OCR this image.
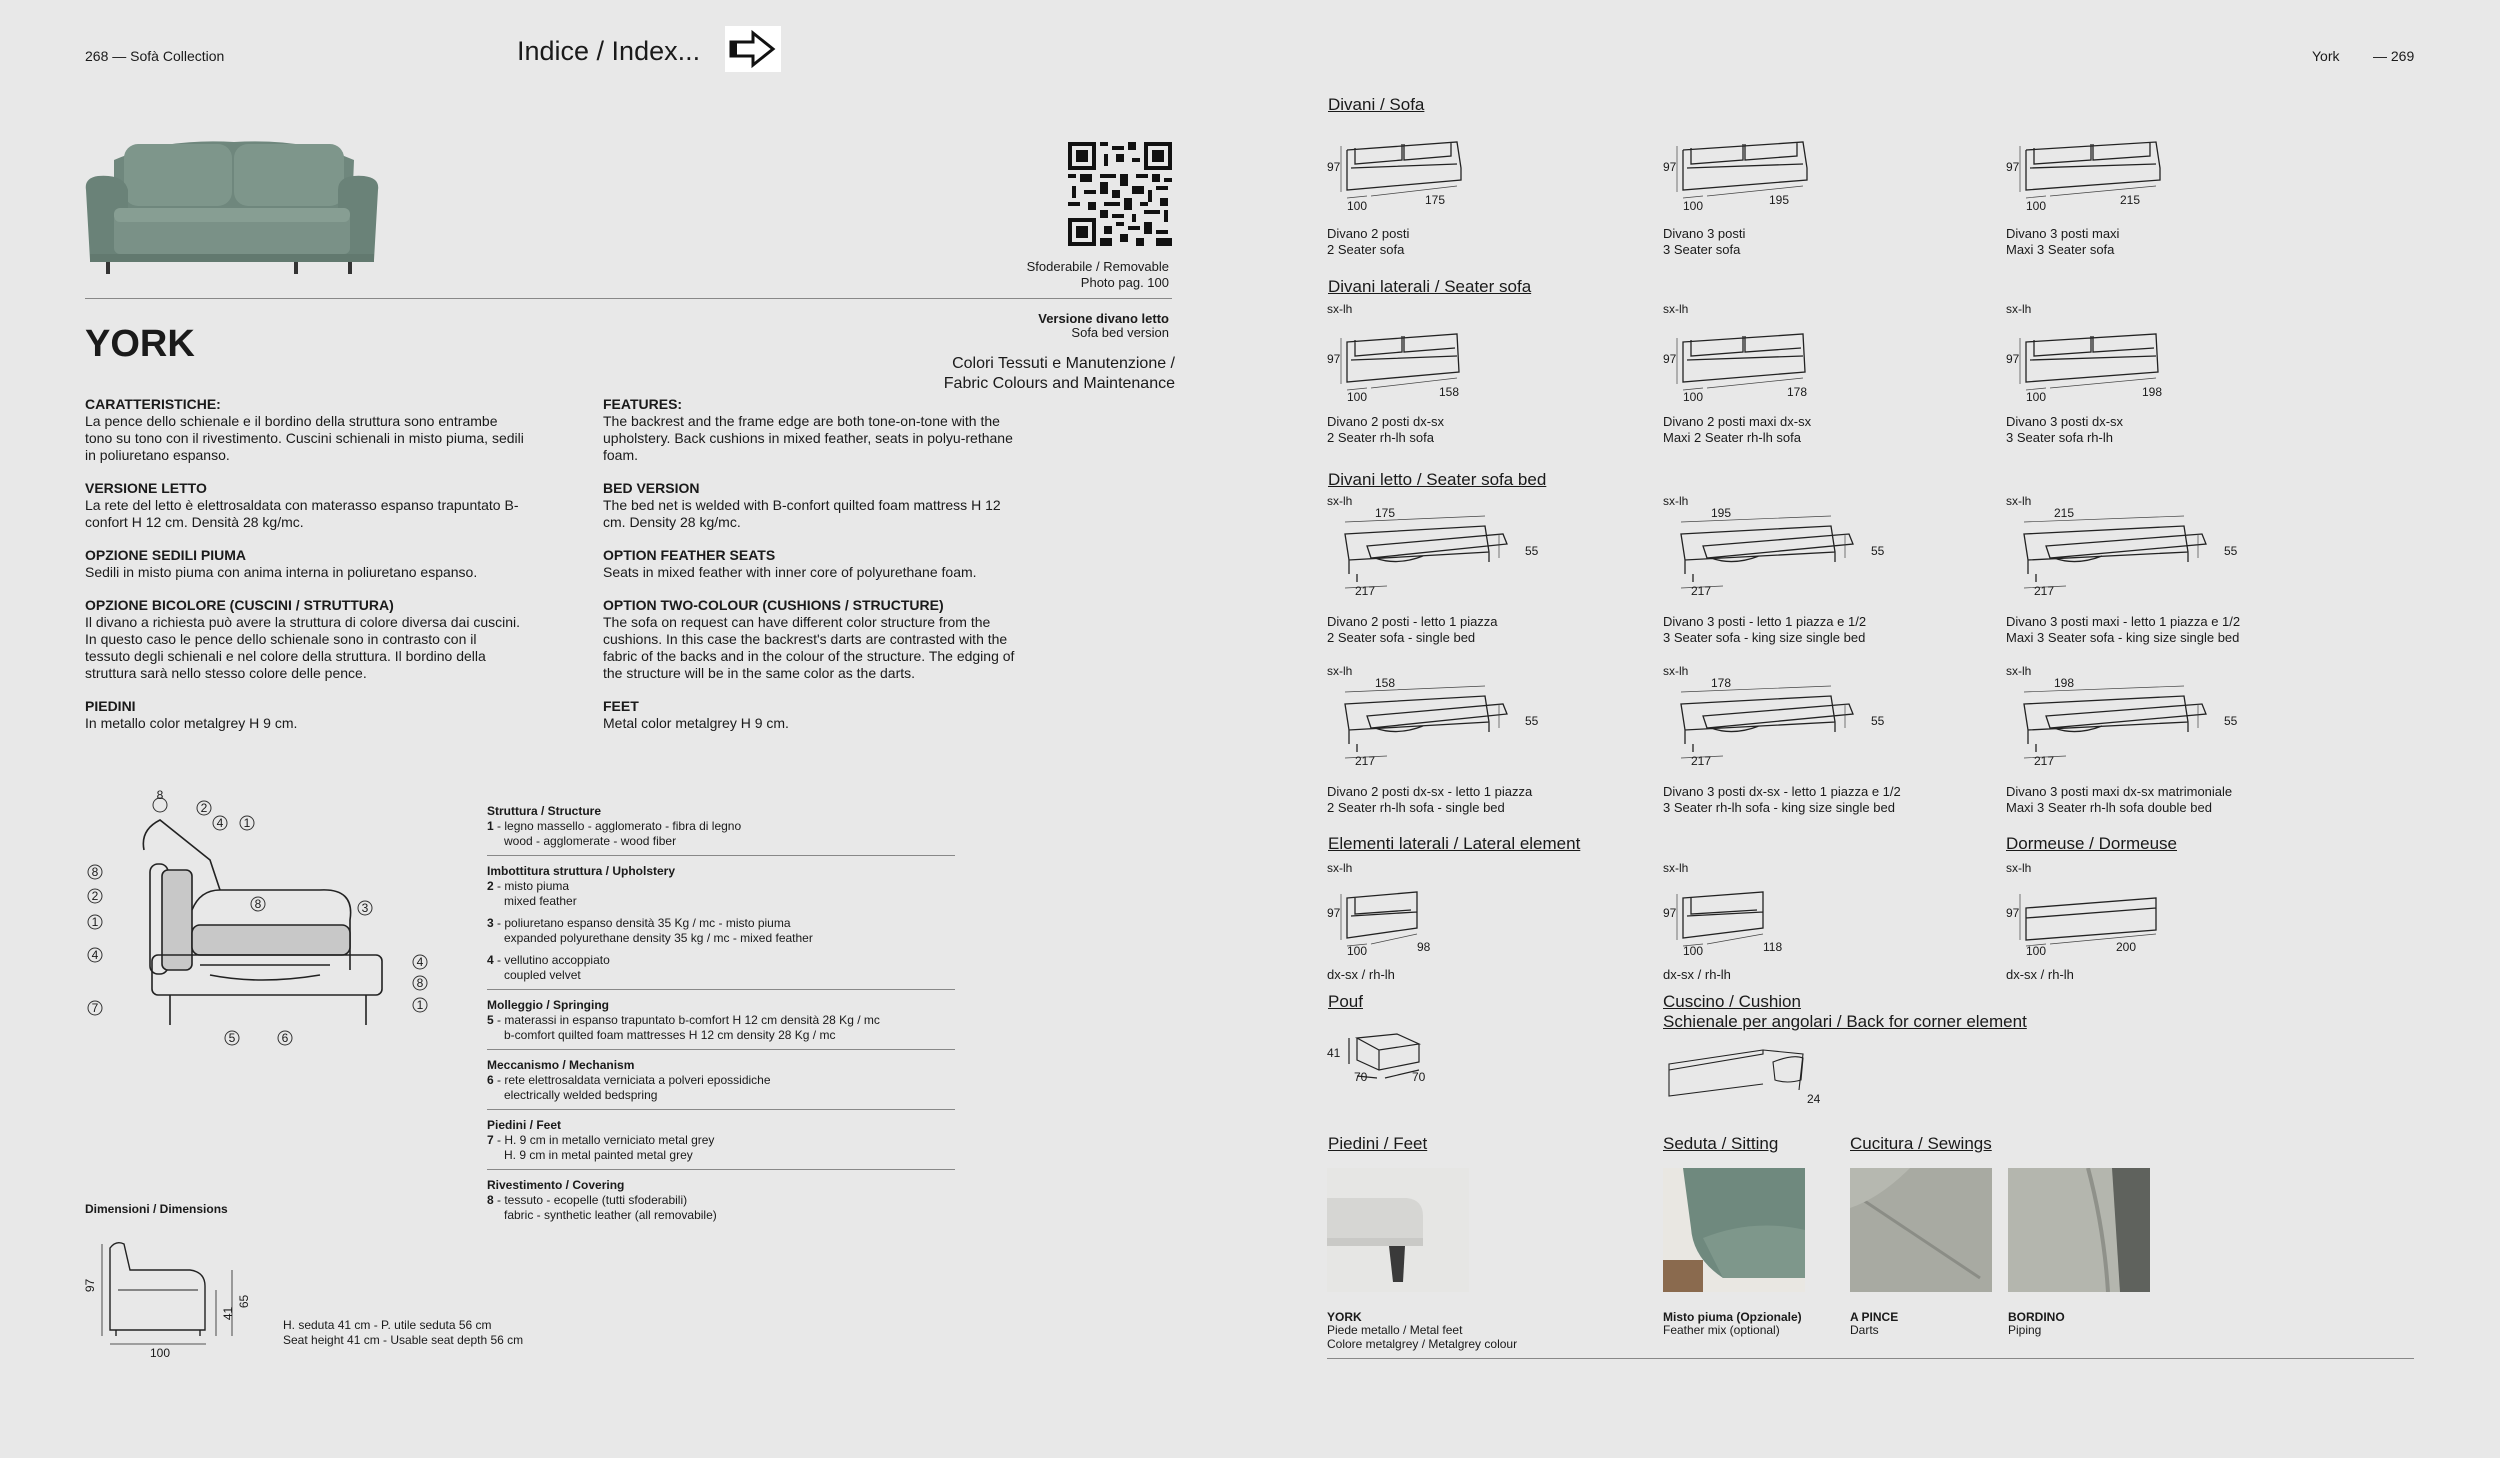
268 — Sofà Collection	Indice / Index...	York — 269
Sfoderabile / Removable
Photo pag. 100
Versione divano letto
Sofa bed version
YORK	Colori Tessuti e Manutenzione /
Fabric Colours and Maintenance
CARATTERISTICHE:
La pence dello schienale e il bordino della struttura sono entrambe tono su tono con il rivestimento. Cuscini schienali in misto piuma, sedili in poliuretano espanso.
VERSIONE LETTO
La rete del letto è elettrosaldata con materasso espanso trapuntato B-confort H 12 cm. Densità 28 kg/mc.
OPZIONE SEDILI PIUMA
Sedili in misto piuma con anima interna in poliuretano espanso.
OPZIONE BICOLORE (CUSCINI / STRUTTURA)
Il divano a richiesta può avere la struttura di colore diversa dai cuscini. In questo caso le pence dello schienale sono in contrasto con il tessuto degli schienali e nel colore della struttura. Il bordino della struttura sarà nello stesso colore delle pence.
PIEDINI
In metallo color metalgrey H 9 cm.
FEATURES:
The backrest and the frame edge are both tone-on-tone with the upholstery. Back cushions in mixed feather, seats in polyu-rethane foam.
BED VERSION
The bed net is welded with B-confort quilted foam mattress H 12 cm. Density 28 kg/mc.
OPTION FEATHER SEATS
Seats in mixed feather with inner core of polyurethane foam.
OPTION TWO-COLOUR (CUSHIONS / STRUCTURE)
The sofa on request can have different color structure from the cushions. In this case the backrest's darts are contrasted with the fabric of the backs and in the colour of the structure. The edging of the structure will be in the same color as the darts.
FEET
Metal color metalgrey H 9 cm.
8
2
4 1
8
2
1
4
8	3
4
8
1
7
5	6
Struttura / Structure
1 - legno massello - agglomerato - fibra di legno
wood - agglomerate - wood fiber
Imbottitura struttura / Upholstery
2 - misto piuma
mixed feather
3 - poliuretano espanso densità 35 Kg / mc - misto piuma
expanded polyurethane density 35 kg / mc - mixed feather
4 - vellutino accoppiato
coupled velvet
Molleggio / Springing
5 - materassi in espanso trapuntato b-comfort H 12 cm densità 28 Kg / mc
b-comfort quilted foam mattresses H 12 cm density 28 Kg / mc
Meccanismo / Mechanism
6 - rete elettrosaldata verniciata a polveri epossidiche
electrically welded bedspring
Piedini / Feet
7 - H. 9 cm in metallo verniciato metal grey
H. 9 cm in metal painted metal grey
Rivestimento / Covering
8 - tessuto - ecopelle (tutti sfoderabili)
fabric - synthetic leather (all removabile)
Dimensioni / Dimensions
97
100
41
65
H. seduta 41 cm - P. utile seduta 56 cm
Seat height 41 cm - Usable seat depth 56 cm
Divani / Sofa
Divani laterali / Seater sofa
Divani letto / Seater sofa bed
Elementi laterali / Lateral element	Dormeuse / Dormeuse
Pouf	Cuscino / Cushion
Schienale per angolari / Back for corner element
Piedini / Feet	Seduta / Sitting	Cucitura / Sewings
97
100	175
Divano 2 posti
2 Seater sofa
97
100	195
Divano 3 posti
3 Seater sofa
97
100	215
Divano 3 posti maxi
Maxi 3 Seater sofa
sx-lh
97
100	158
Divano 2 posti dx-sx
2 Seater rh-lh sofa
sx-lh
97
100	178
Divano 2 posti maxi dx-sx
Maxi 2 Seater rh-lh sofa
sx-lh
97
100	198
Divano 3 posti dx-sx
3 Seater sofa rh-lh
sx-lh
175
55
217
Divano 2 posti - letto 1 piazza
2 Seater sofa - single bed
sx-lh
195
55
217
Divano 3 posti - letto 1 piazza e 1/2
3 Seater sofa - king size single bed
sx-lh
215
55
217
Divano 3 posti maxi - letto 1 piazza e 1/2
Maxi 3 Seater sofa - king size single bed
sx-lh
158
55
217
Divano 2 posti dx-sx - letto 1 piazza
2 Seater rh-lh sofa - single bed
sx-lh
178
55
217
Divano 3 posti dx-sx - letto 1 piazza e 1/2
3 Seater rh-lh sofa - king size single bed
sx-lh
198
55
217
Divano 3 posti maxi dx-sx matrimoniale
Maxi 3 Seater rh-lh sofa double bed
sx-lh
97
100	98
dx-sx / rh-lh
sx-lh
97
100	118
dx-sx / rh-lh
sx-lh
97
100	200
dx-sx / rh-lh
41
70	70
24
YORK
Piede metallo / Metal feet
Colore metalgrey / Metalgrey colour
Misto piuma (Opzionale)
Feather mix (optional)
A PINCE
Darts
BORDINO
Piping
